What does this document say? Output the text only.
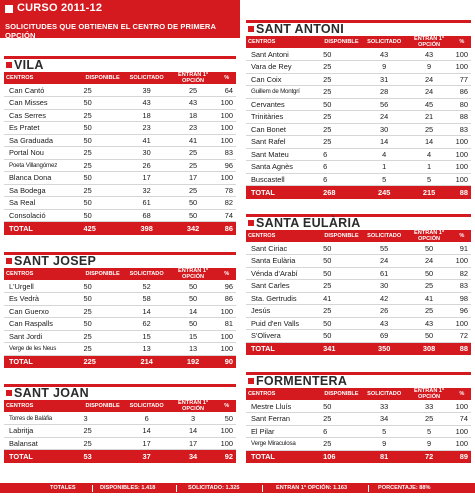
CURSO 2011-12
SOLICITUDES QUE OBTIENEN EL CENTRO DE PRIMERA OPCIÓN
VILA
CENTROS	DISPONIBLE	SOLICITADO	ENTRAN 1ª OPCIÓN	%
Can Cantó	25	39	25	64
Can Misses	50	43	43	100
Cas Serres	25	18	18	100
Es Pratet	50	23	23	100
Sa Graduada	50	41	41	100
Portal Nou	25	30	25	83
Poeta Villangómez	25	26	25	96
Blanca Dona	50	17	17	100
Sa Bodega	25	32	25	78
Sa Real	50	61	50	82
Consolació	50	68	50	74
TOTAL	425	398	342	86
SANT JOSEP
CENTROS	DISPONIBLE	SOLICITADO	ENTRAN 1ª OPCIÓN	%
L'Urgell	50	52	50	96
Es Vedrà	50	58	50	86
Can Guerxo	25	14	14	100
Can Raspalls	50	62	50	81
Sant Jordi	25	15	15	100
Verge de les Neus	25	13	13	100
TOTAL	225	214	192	90
SANT JOAN
CENTROS	DISPONIBLE	SOLICITADO	ENTRAN 1ª OPCIÓN	%
Torres de Balàfia	3	6	3	50
Labritja	25	14	14	100
Balansat	25	17	17	100
TOTAL	53	37	34	92
SANT ANTONI
CENTROS	DISPONIBLE	SOLICITADO	ENTRAN 1ª OPCIÓN	%
Sant Antoni	50	43	43	100
Vara de Rey	25	9	9	100
Can Coix	25	31	24	77
Guillem de Montgrí	25	28	24	86
Cervantes	50	56	45	80
Trinitàries	25	24	21	88
Can Bonet	25	30	25	83
Sant Rafel	25	14	14	100
Sant Mateu	6	4	4	100
Santa Agnès	6	1	1	100
Buscastell	6	5	5	100
TOTAL	268	245	215	88
SANTA EULÀRIA
CENTROS	DISPONIBLE	SOLICITADO	ENTRAN 1ª OPCIÓN	%
Sant Ciriac	50	55	50	91
Santa Eulària	50	24	24	100
Vénda d'Arabí	50	61	50	82
Sant Carles	25	30	25	83
Sta. Gertrudis	41	42	41	98
Jesús	25	26	25	96
Puid d'en Valls	50	43	43	100
S'Olivera	50	69	50	72
TOTAL	341	350	308	88
FORMENTERA
CENTROS	DISPONIBLE	SOLICITADO	ENTRAN 1ª OPCIÓN	%
Mestre Lluís	50	33	33	100
Sant Ferran	25	34	25	74
El Pilar	6	5	5	100
Verge Miraculosa	25	9	9	100
TOTAL	106	81	72	89
TOTALES	DISPONIBLES: 1.418	SOLICITADO: 1.325	ENTRAN 1ª OPCIÓN: 1.163	PORCENTAJE: 88%
